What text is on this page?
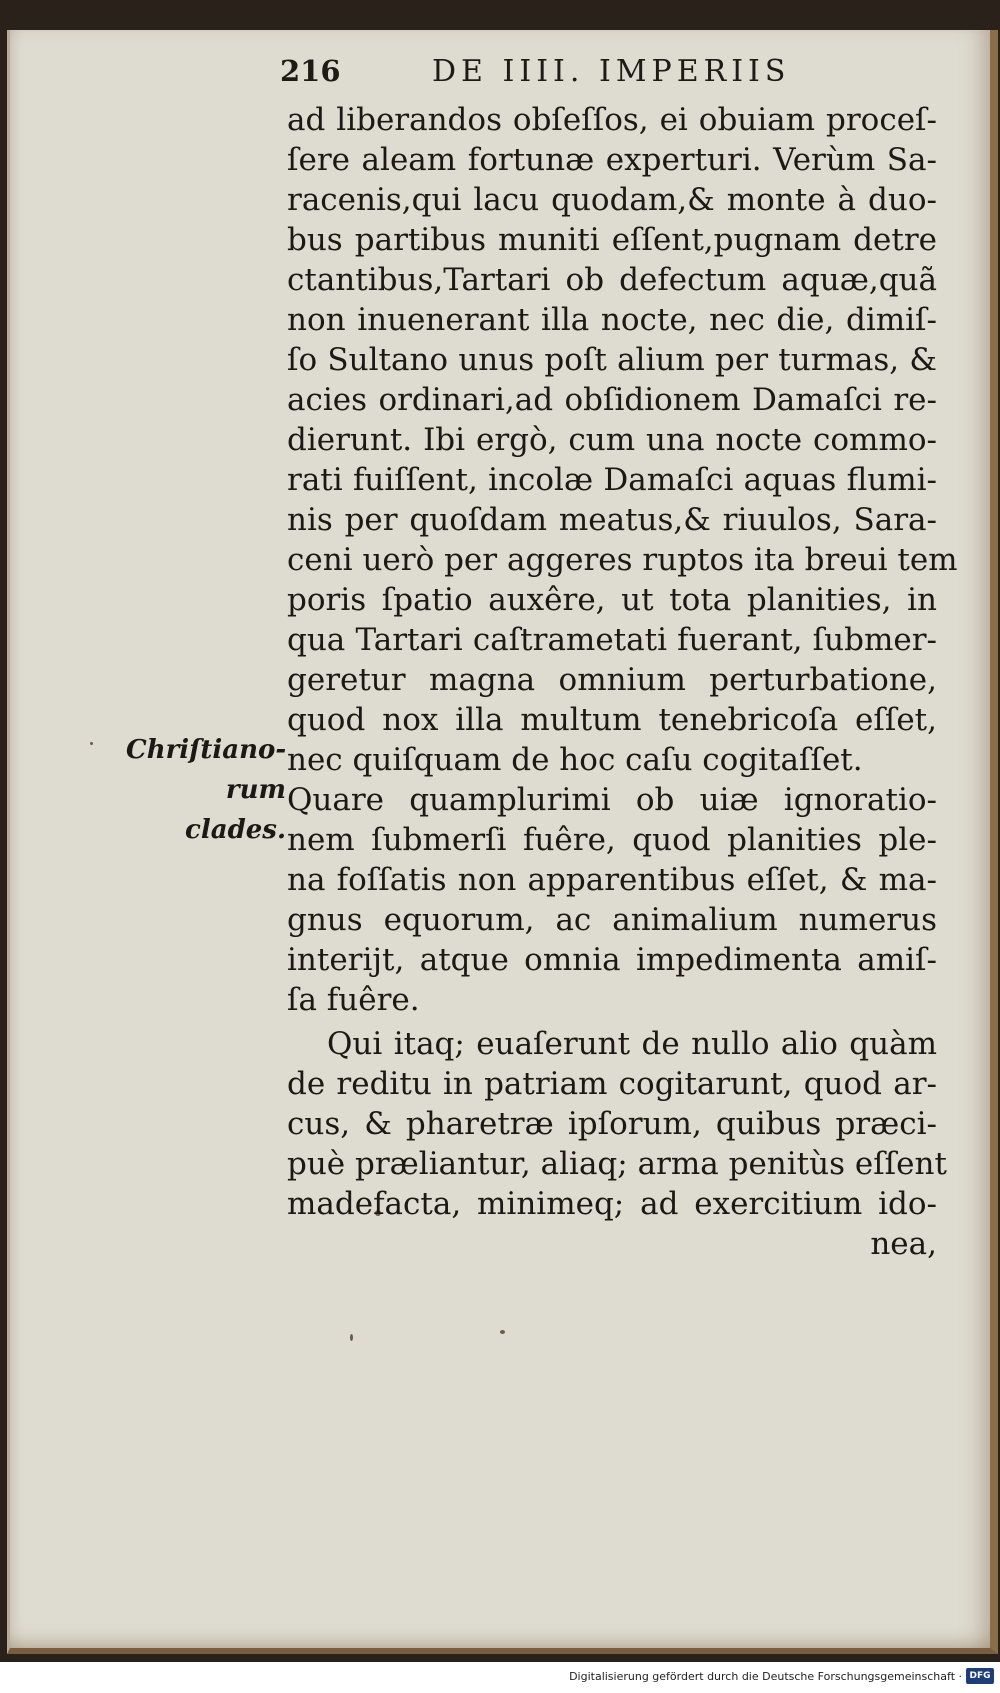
216	DE IIII. IMPERIIS
Chriſtiano-
rum clades.
ad liberandos obſeſſos, ei obuiam proceſ-
ſere aleam fortunæ experturi. Verùm Sa-
racenis,qui lacu quodam,& monte à duo-
bus partibus muniti eſſent,pugnam detre
ctantibus,Tartari ob defectum aquæ,quã
non inuenerant illa nocte, nec die, dimiſ-
ſo Sultano unus poſt alium per turmas, &
acies ordinari,ad obſidionem Damaſci re-
dierunt. Ibi ergò, cum una nocte commo-
rati fuiſſent, incolæ Damaſci aquas flumi-
nis per quoſdam meatus,& riuulos, Sara-
ceni uerò per aggeres ruptos ita breui tem
poris ſpatio auxêre, ut tota planities, in
qua Tartari caſtrametati fuerant, ſubmer-
geretur magna omnium perturbatione,
quod nox illa multum tenebricoſa eſſet,
nec quiſquam de hoc caſu cogitaſſet.
Quare quamplurimi ob uiæ ignoratio-
nem ſubmerſi fuêre, quod planities ple-
na foſſatis non apparentibus eſſet, & ma-
gnus equorum, ac animalium numerus
interiјt, atque omnia impedimenta amiſ-
ſa fuêre.
Qui itaq; euaſerunt de nullo alio quàm
de reditu in patriam cogitarunt, quod ar-
cus, & pharetræ ipſorum, quibus præci-
puè præliantur, aliaq; arma penitùs eſſent
madefacta, minimeq; ad exercitium ido-
nea,
Digitalisierung gefördert durch die Deutsche Forschungsgemeinschaft · DFG
